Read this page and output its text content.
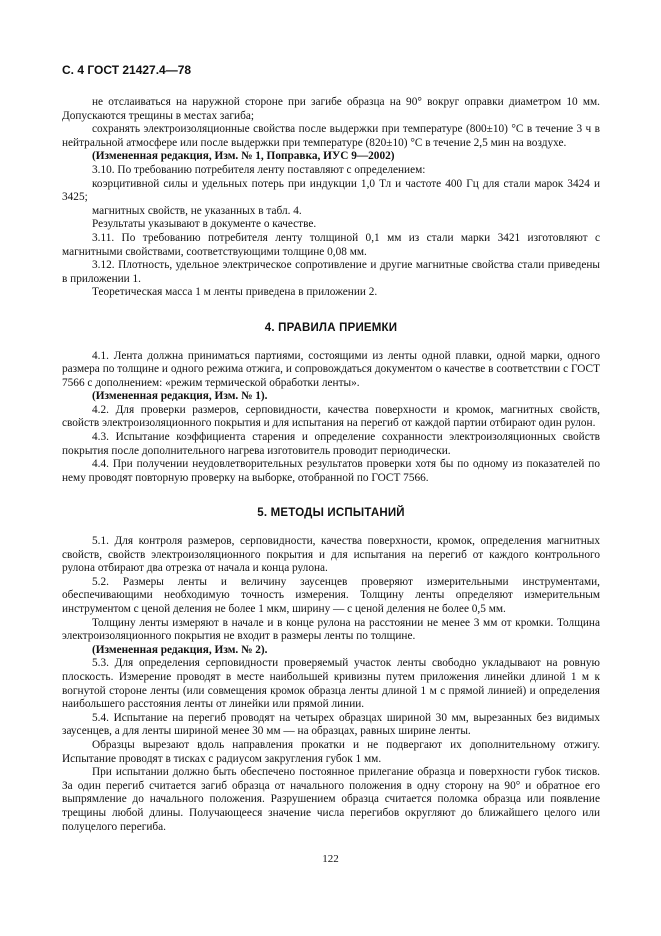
С. 4 ГОСТ 21427.4—78

не отслаиваться на наружной стороне при загибе образца на 90° вокруг оправки диаметром 10 мм. Допускаются трещины в местах загиба;

сохранять электроизоляционные свойства после выдержки при температуре (800±10) °С в течение 3 ч в нейтральной атмосфере или после выдержки при температуре (820±10) °С в течение 2,5 мин на воздухе.

(Измененная редакция, Изм. № 1, Поправка, ИУС 9—2002)

3.10. По требованию потребителя ленту поставляют с определением:

коэрцитивной силы и удельных потерь при индукции 1,0 Тл и частоте 400 Гц для стали марок 3424 и 3425;

магнитных свойств, не указанных в табл. 4.

Результаты указывают в документе о качестве.

3.11. По требованию потребителя ленту толщиной 0,1 мм из стали марки 3421 изготовляют с магнитными свойствами, соответствующими толщине 0,08 мм.

3.12. Плотность, удельное электрическое сопротивление и другие магнитные свойства стали приведены в приложении 1.

Теоретическая масса 1 м ленты приведена в приложении 2.

4. ПРАВИЛА ПРИЕМКИ

4.1. Лента должна приниматься партиями, состоящими из ленты одной плавки, одной марки, одного размера по толщине и одного режима отжига, и сопровождаться документом о качестве в соответствии с ГОСТ 7566 с дополнением: «режим термической обработки ленты».

(Измененная редакция, Изм. № 1).

4.2. Для проверки размеров, серповидности, качества поверхности и кромок, магнитных свойств, свойств электроизоляционного покрытия и для испытания на перегиб от каждой партии отбирают один рулон.

4.3. Испытание коэффициента старения и определение сохранности электроизоляционных свойств покрытия после дополнительного нагрева изготовитель проводит периодически.

4.4. При получении неудовлетворительных результатов проверки хотя бы по одному из показателей по нему проводят повторную проверку на выборке, отобранной по ГОСТ 7566.

5. МЕТОДЫ ИСПЫТАНИЙ

5.1. Для контроля размеров, серповидности, качества поверхности, кромок, определения магнитных свойств, свойств электроизоляционного покрытия и для испытания на перегиб от каждого контрольного рулона отбирают два отрезка от начала и конца рулона.

5.2. Размеры ленты и величину заусенцев проверяют измерительными инструментами, обеспечивающими необходимую точность измерения. Толщину ленты определяют измерительным инструментом с ценой деления не более 1 мкм, ширину — с ценой деления не более 0,5 мм.

Толщину ленты измеряют в начале и в конце рулона на расстоянии не менее 3 мм от кромки. Толщина электроизоляционного покрытия не входит в размеры ленты по толщине.

(Измененная редакция, Изм. № 2).

5.3. Для определения серповидности проверяемый участок ленты свободно укладывают на ровную плоскость. Измерение проводят в месте наибольшей кривизны путем приложения линейки длиной 1 м к вогнутой стороне ленты (или совмещения кромок образца ленты длиной 1 м с прямой линией) и определения наибольшего расстояния ленты от линейки или прямой линии.

5.4. Испытание на перегиб проводят на четырех образцах шириной 30 мм, вырезанных без видимых заусенцев, а для ленты шириной менее 30 мм — на образцах, равных ширине ленты.

Образцы вырезают вдоль направления прокатки и не подвергают их дополнительному отжигу. Испытание проводят в тисках с радиусом закругления губок 1 мм.

При испытании должно быть обеспечено постоянное прилегание образца и поверхности губок тисков. За один перегиб считается загиб образца от начального положения в одну сторону на 90° и обратное его выпрямление до начального положения. Разрушением образца считается поломка образца или появление трещины любой длины. Получающееся значение числа перегибов округляют до ближайшего целого или полуцелого перегиба.

122
